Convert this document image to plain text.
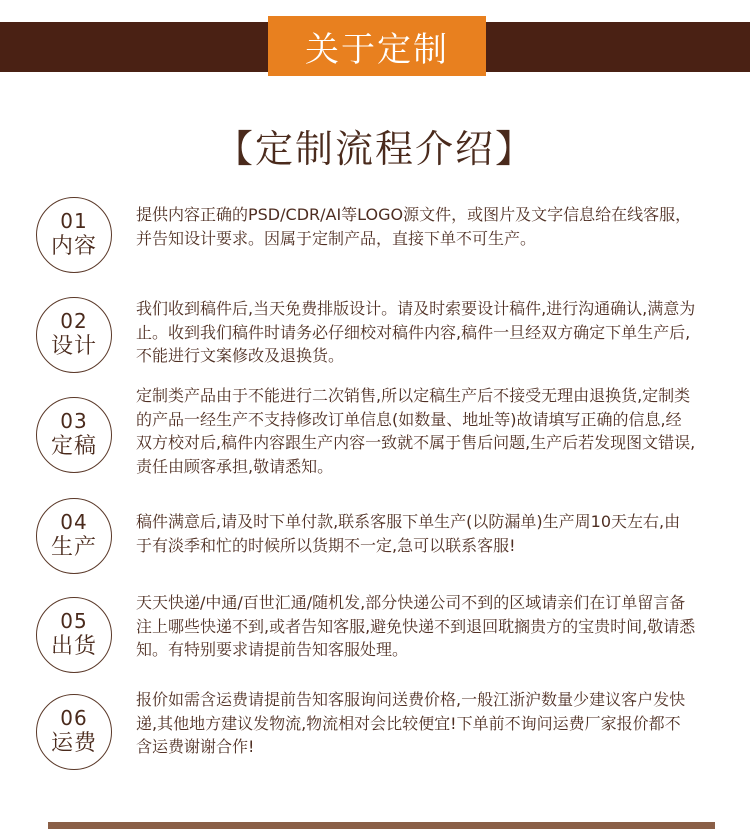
关于定制
【定制流程介绍】
01
内容

提供内容正确的PSD/CDR/AI等LOGO源文件，或图片及文字信息给在线客服，并告知设计要求。因属于定制产品，直接下单不可生产。

02
设计

我们收到稿件后,当天免费排版设计。请及时索要设计稿件,进行沟通确认,满意为止。收到我们稿件时请务必仔细校对稿件内容,稿件一旦经双方确定下单生产后,不能进行文案修改及退换货。

03
定稿

定制类产品由于不能进行二次销售,所以定稿生产后不接受无理由退换货,定制类的产品一经生产不支持修改订单信息(如数量、地址等)故请填写正确的信息,经双方校对后,稿件内容跟生产内容一致就不属于售后问题,生产后若发现图文错误,责任由顾客承担,敬请悉知。

04
生产

稿件满意后,请及时下单付款,联系客服下单生产(以防漏单)生产周10天左右,由于有淡季和忙的时候所以货期不一定,急可以联系客服!

05
出货

天天快递/中通/百世汇通/随机发,部分快递公司不到的区域请亲们在订单留言备注上哪些快递不到,或者告知客服,避免快递不到退回耽搁贵方的宝贵时间,敬请悉知。有特别要求请提前告知客服处理。

06
运费

报价如需含运费请提前告知客服询问送费价格,一般江浙沪数量少建议客户发快递,其他地方建议发物流,物流相对会比较便宜!下单前不询问运费厂家报价都不含运费谢谢合作!
